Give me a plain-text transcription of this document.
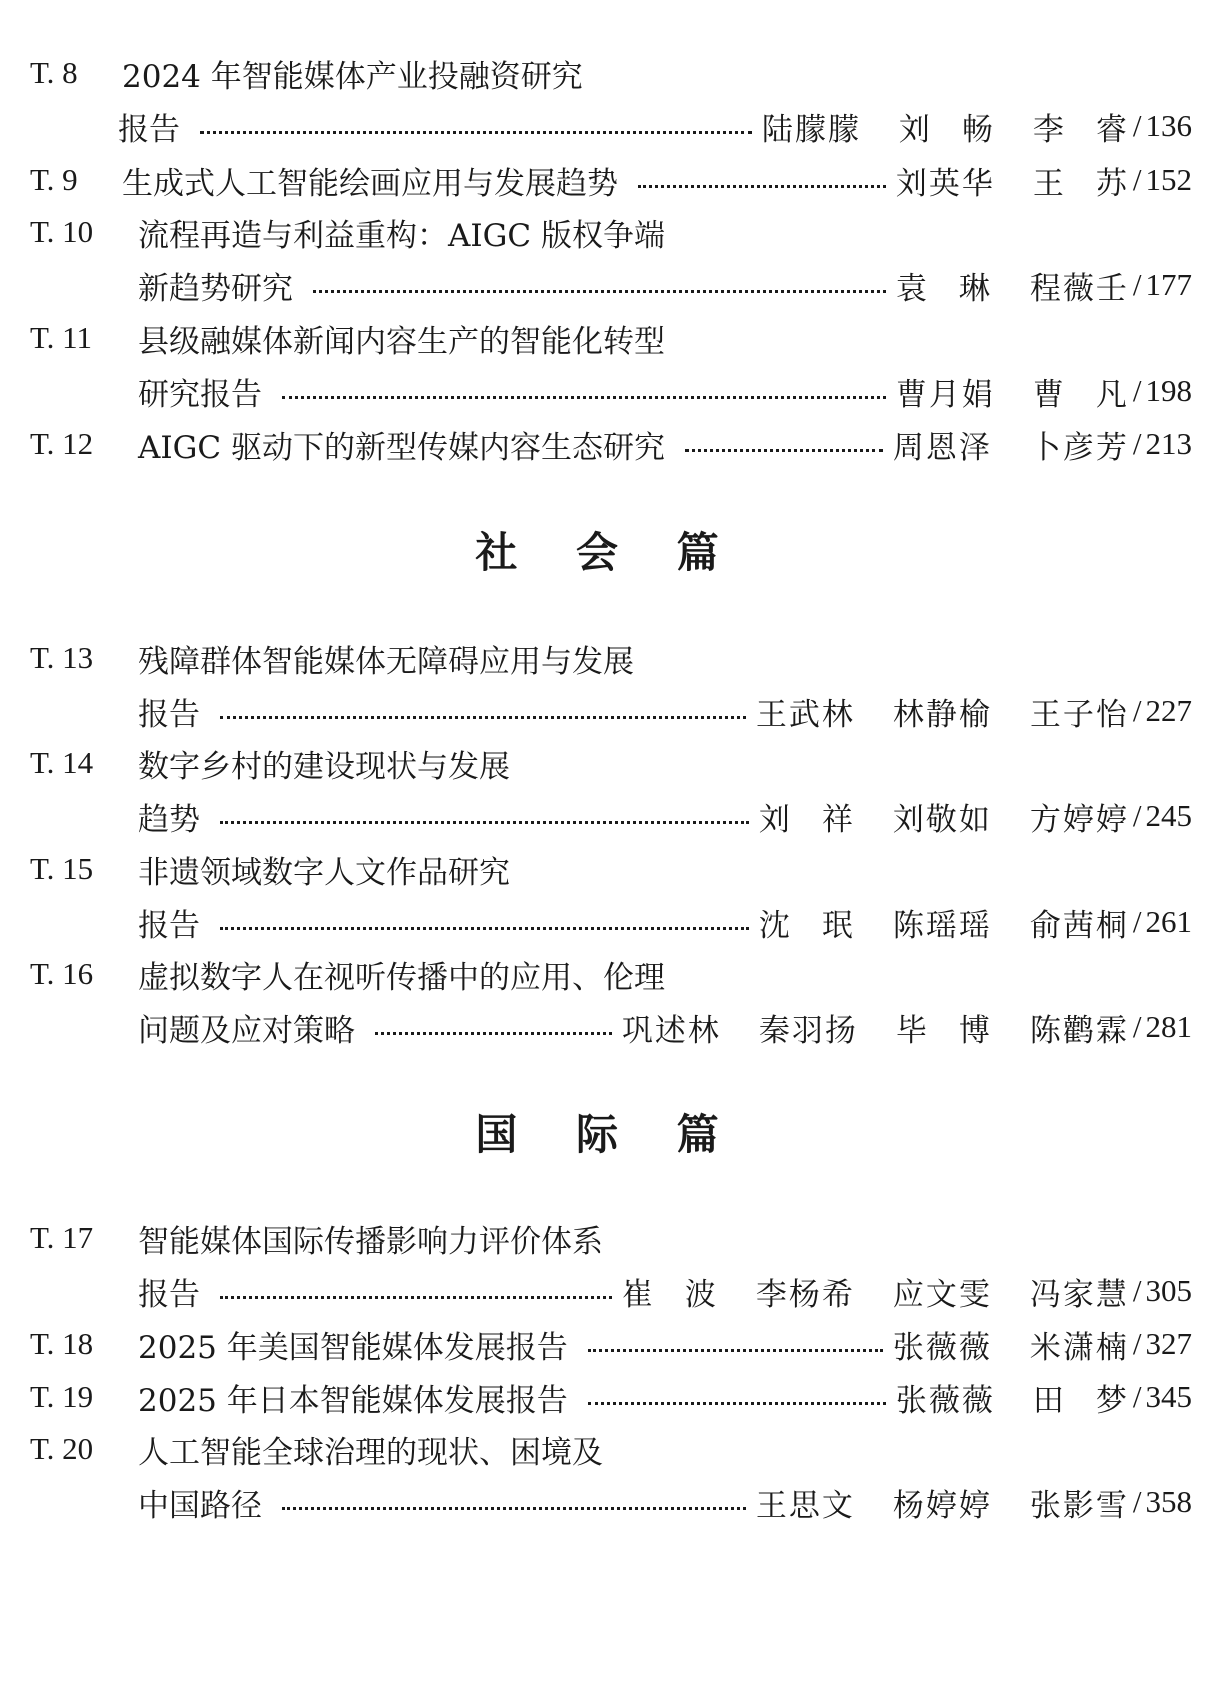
社 会 篇
国 际 篇
T. 8 2024 年智能媒体产业投融资研究
报告	陆朦朦 刘 畅 李 睿 / 136
T. 9 生成式人工智能绘画应用与发展趋势	刘英华 王 苏 / 152
T. 10 流程再造与利益重构：AIGC 版权争端
新趋势研究	袁 琳 程薇壬 / 177
T. 11 县级融媒体新闻内容生产的智能化转型
研究报告	曹月娟 曹 凡 / 198
T. 12 AIGC 驱动下的新型传媒内容生态研究	周恩泽 卜彦芳 / 213
T. 13 残障群体智能媒体无障碍应用与发展
报告	王武林 林静榆 王子怡 / 227
T. 14 数字乡村的建设现状与发展
趋势	刘 祥 刘敬如 方婷婷 / 245
T. 15 非遗领域数字人文作品研究
报告	沈 珉 陈瑶瑶 俞茜桐 / 261
T. 16 虚拟数字人在视听传播中的应用、伦理
问题及应对策略	巩述林 秦羽扬 毕 博 陈鹳霖 / 281
T. 17 智能媒体国际传播影响力评价体系
报告	崔 波 李杨希 应文雯 冯家慧 / 305
T. 18 2025 年美国智能媒体发展报告	张薇薇 米潇楠 / 327
T. 19 2025 年日本智能媒体发展报告	张薇薇 田 梦 / 345
T. 20 人工智能全球治理的现状、困境及
中国路径	王思文 杨婷婷 张影雪 / 358
